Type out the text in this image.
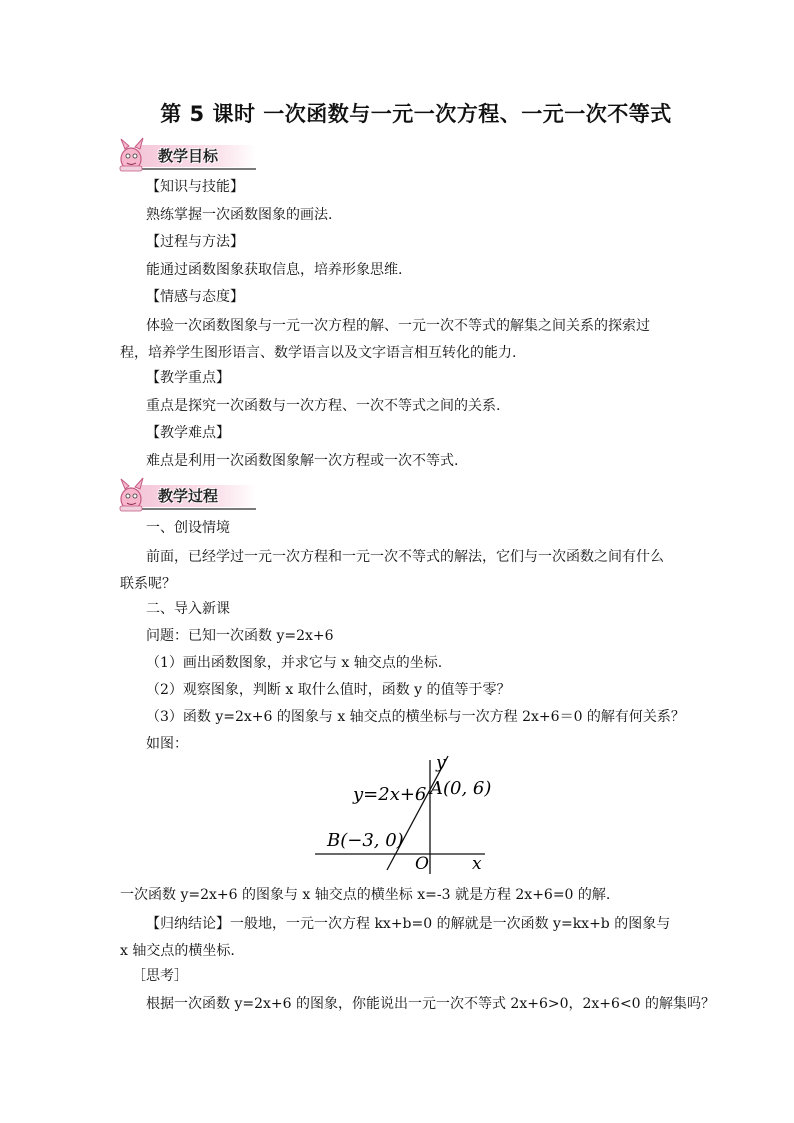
第 5 课时 一次函数与一元一次方程、一元一次不等式
教学目标
【知识与技能】
熟练掌握一次函数图象的画法.
【过程与方法】
能通过函数图象获取信息，培养形象思维.
【情感与态度】
体验一次函数图象与一元一次方程的解、一元一次不等式的解集之间关系的探索过程，培养学生图形语言、数学语言以及文字语言相互转化的能力.
【教学重点】
重点是探究一次函数与一次方程、一次不等式之间的关系.
【教学难点】
难点是利用一次函数图象解一次方程或一次不等式.
教学过程
一、创设情境
前面，已经学过一元一次方程和一元一次不等式的解法，它们与一次函数之间有什么联系呢？
二、导入新课
问题：已知一次函数 y=2x+6
（1）画出函数图象，并求它与 x 轴交点的坐标.
（2）观察图象，判断 x 取什么值时，函数 y 的值等于零？
（3）函数 y=2x+6 的图象与 x 轴交点的横坐标与一次方程 2x+6＝0 的解有何关系？
如图：
y
y=2x+6 A(0, 6)
B(−3, 0)
O	x
一次函数 y=2x+6 的图象与 x 轴交点的横坐标 x=-3 就是方程 2x+6=0 的解.
【归纳结论】一般地，一元一次方程 kx+b=0 的解就是一次函数 y=kx+b 的图象与 x 轴交点的横坐标.
［思考］
根据一次函数 y=2x+6 的图象，你能说出一元一次不等式 2x+6>0，2x+6<0 的解集吗？
